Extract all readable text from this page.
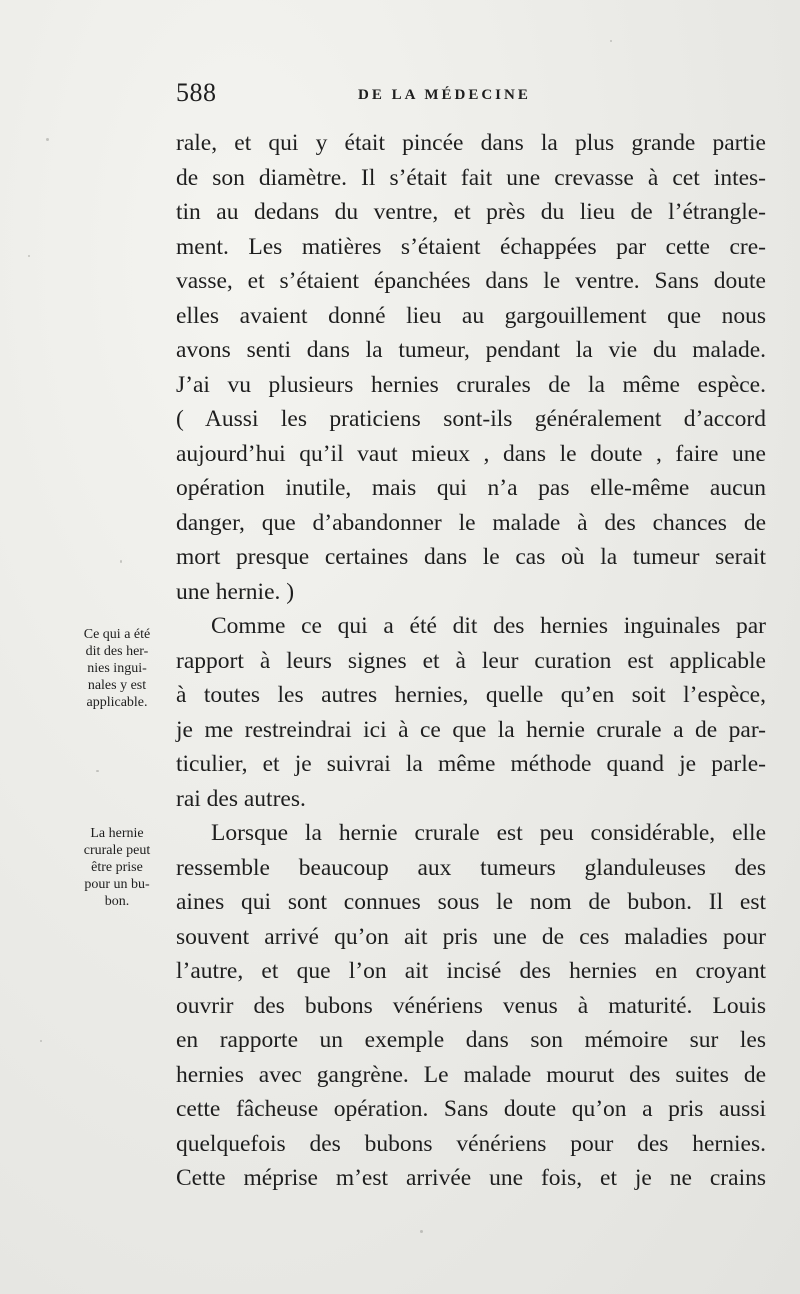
588	DE LA MÉDECINE
rale, et qui y était pincée dans la plus grande partie
de son diamètre. Il s’était fait une crevasse à cet intes-
tin au dedans du ventre, et près du lieu de l’étrangle-
ment. Les matières s’étaient échappées par cette cre-
vasse, et s’étaient épanchées dans le ventre. Sans doute
elles avaient donné lieu au gargouillement que nous
avons senti dans la tumeur, pendant la vie du malade.
J’ai vu plusieurs hernies crurales de la même espèce.
( Aussi les praticiens sont-ils généralement d’accord
aujourd’hui qu’il vaut mieux , dans le doute , faire une
opération inutile, mais qui n’a pas elle-même aucun
danger, que d’abandonner le malade à des chances de
mort presque certaines dans le cas où la tumeur serait
une hernie. )
Comme ce qui a été dit des hernies inguinales par
rapport à leurs signes et à leur curation est applicable
à toutes les autres hernies, quelle qu’en soit l’espèce,
je me restreindrai ici à ce que la hernie crurale a de par-
ticulier, et je suivrai la même méthode quand je parle-
rai des autres.
Lorsque la hernie crurale est peu considérable, elle
ressemble beaucoup aux tumeurs glanduleuses des
aines qui sont connues sous le nom de bubon. Il est
souvent arrivé qu’on ait pris une de ces maladies pour
l’autre, et que l’on ait incisé des hernies en croyant
ouvrir des bubons vénériens venus à maturité. Louis
en rapporte un exemple dans son mémoire sur les
hernies avec gangrène. Le malade mourut des suites de
cette fâcheuse opération. Sans doute qu’on a pris aussi
quelquefois des bubons vénériens pour des hernies.
Cette méprise m’est arrivée une fois, et je ne crains
Ce qui a été
dit des her-
nies ingui-
nales y est
applicable.
La hernie
crurale peut
être prise
pour un bu-
bon.
